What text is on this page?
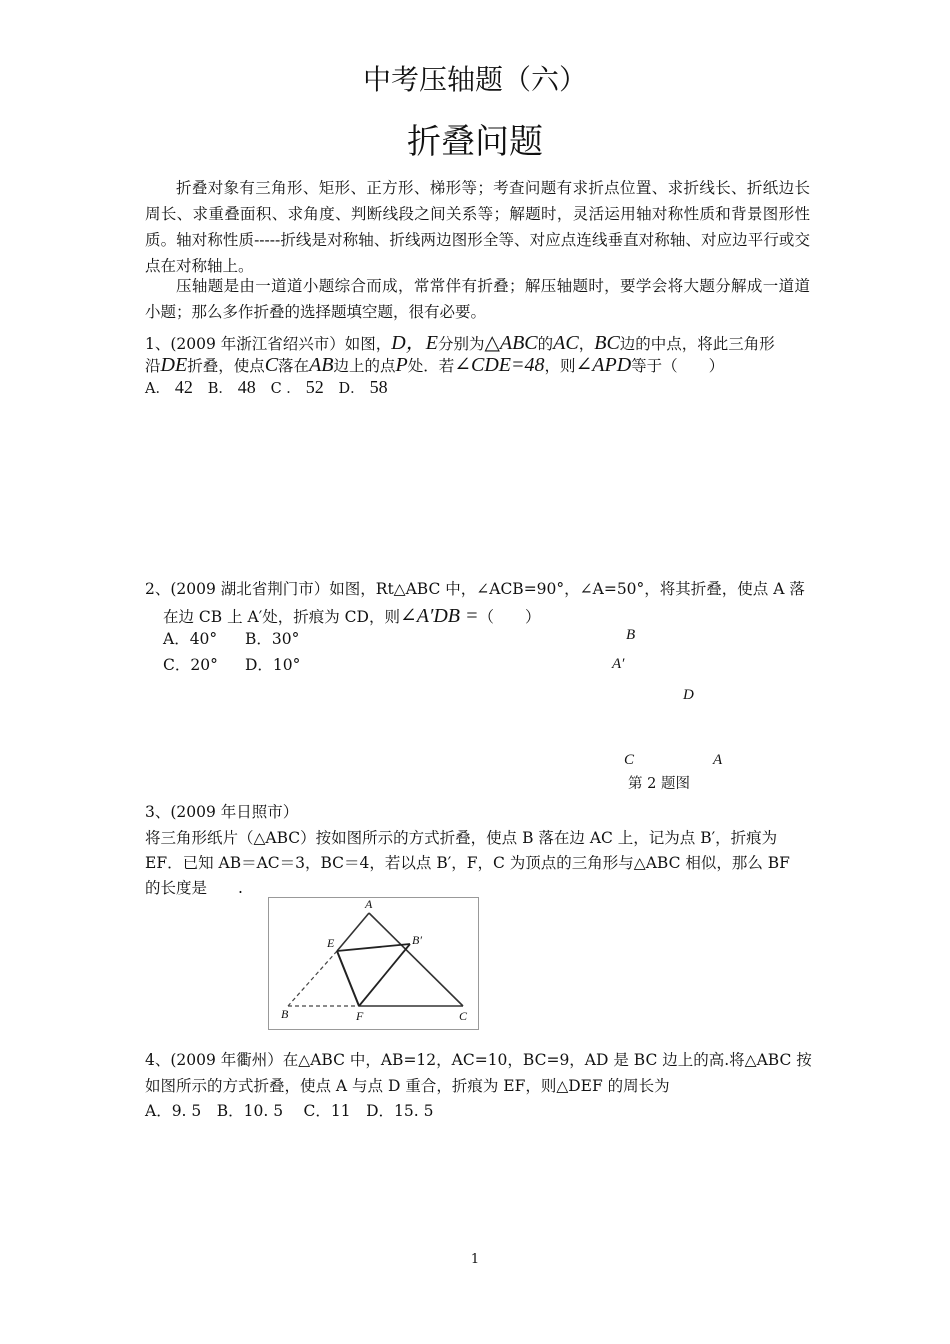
中考压轴题（六）
折叠问题
折叠对象有三角形、矩形、正方形、梯形等；考查问题有求折点位置、求折线长、折纸边长周长、求重叠面积、求角度、判断线段之间关系等；解题时，灵活运用轴对称性质和背景图形性质。轴对称性质-----折线是对称轴、折线两边图形全等、对应点连线垂直对称轴、对应边平行或交点在对称轴上。
压轴题是由一道道小题综合而成，常常伴有折叠；解压轴题时，要学会将大题分解成一道道小题；那么多作折叠的选择题填空题，很有必要。
1、(2009 年浙江省绍兴市）如图，D，E分别为△ABC的AC，BC边的中点，将此三角形
沿DE折叠，使点C落在AB边上的点P处．若∠CDE=48，则∠APD等于（　　）
A． 42 B． 48 C ． 52 D． 58
2、(2009 湖北省荆门市）如图，Rt△ABC 中，∠ACB=90°，∠A=50°，将其折叠，使点 A 落
在边 CB 上 A′处，折痕为 CD，则∠A′DB =（　　）
A．40° B．30°
C．20° D．10°
B
A′
D
C	A
第 2 题图
3、(2009 年日照市）
将三角形纸片（△ABC）按如图所示的方式折叠，使点 B 落在边 AC 上，记为点 B′，折痕为
EF．已知 AB＝AC＝3，BC＝4，若以点 B′，F，C 为顶点的三角形与△ABC 相似，那么 BF
的长度是　　.
A
E	B′
B	F	C
4、(2009 年衢州）在△ABC 中，AB=12，AC=10，BC=9，AD 是 BC 边上的高.将△ABC 按
如图所示的方式折叠，使点 A 与点 D 重合，折痕为 EF，则△DEF 的周长为
A．9. 5　B．10. 5　 C．11　D．15. 5
1
